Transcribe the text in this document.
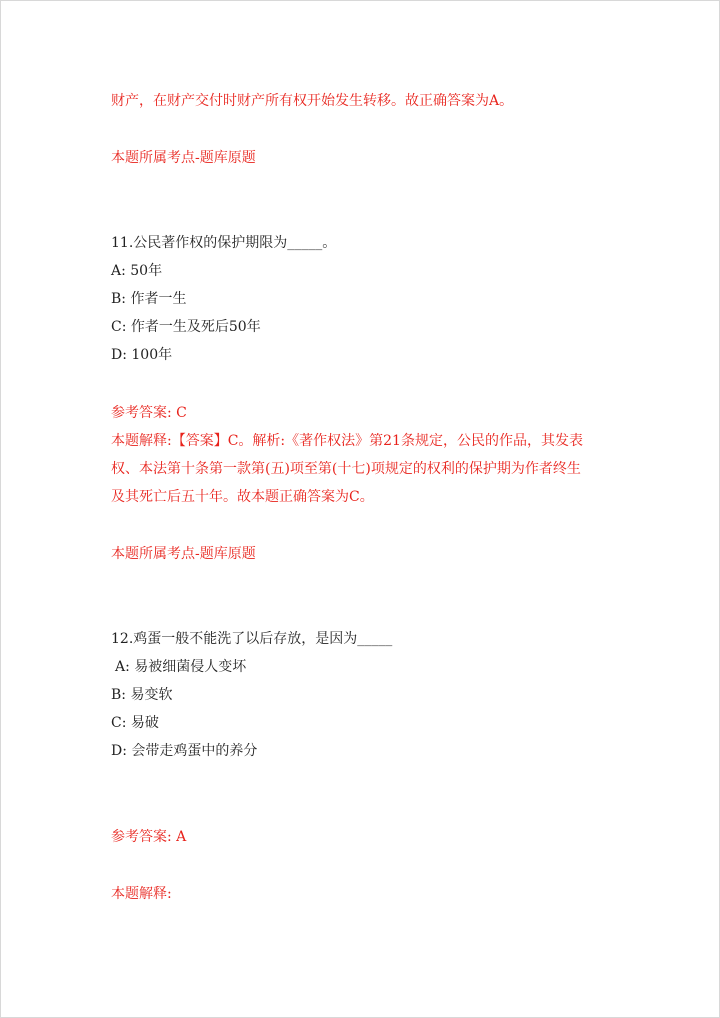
财产，在财产交付时财产所有权开始发生转移。故正确答案为A。
本题所属考点-题库原题
11.公民著作权的保护期限为_____。
A: 50年
B: 作者一生
C: 作者一生及死后50年
D: 100年
参考答案: C
本题解释:【答案】C。解析:《著作权法》第21条规定，公民的作品，其发表
权、本法第十条第一款第(五)项至第(十七)项规定的权利的保护期为作者终生
及其死亡后五十年。故本题正确答案为C。
本题所属考点-题库原题
12.鸡蛋一般不能洗了以后存放，是因为_____
A: 易被细菌侵人变坏
B: 易变软
C: 易破
D: 会带走鸡蛋中的养分
参考答案: A
本题解释:
